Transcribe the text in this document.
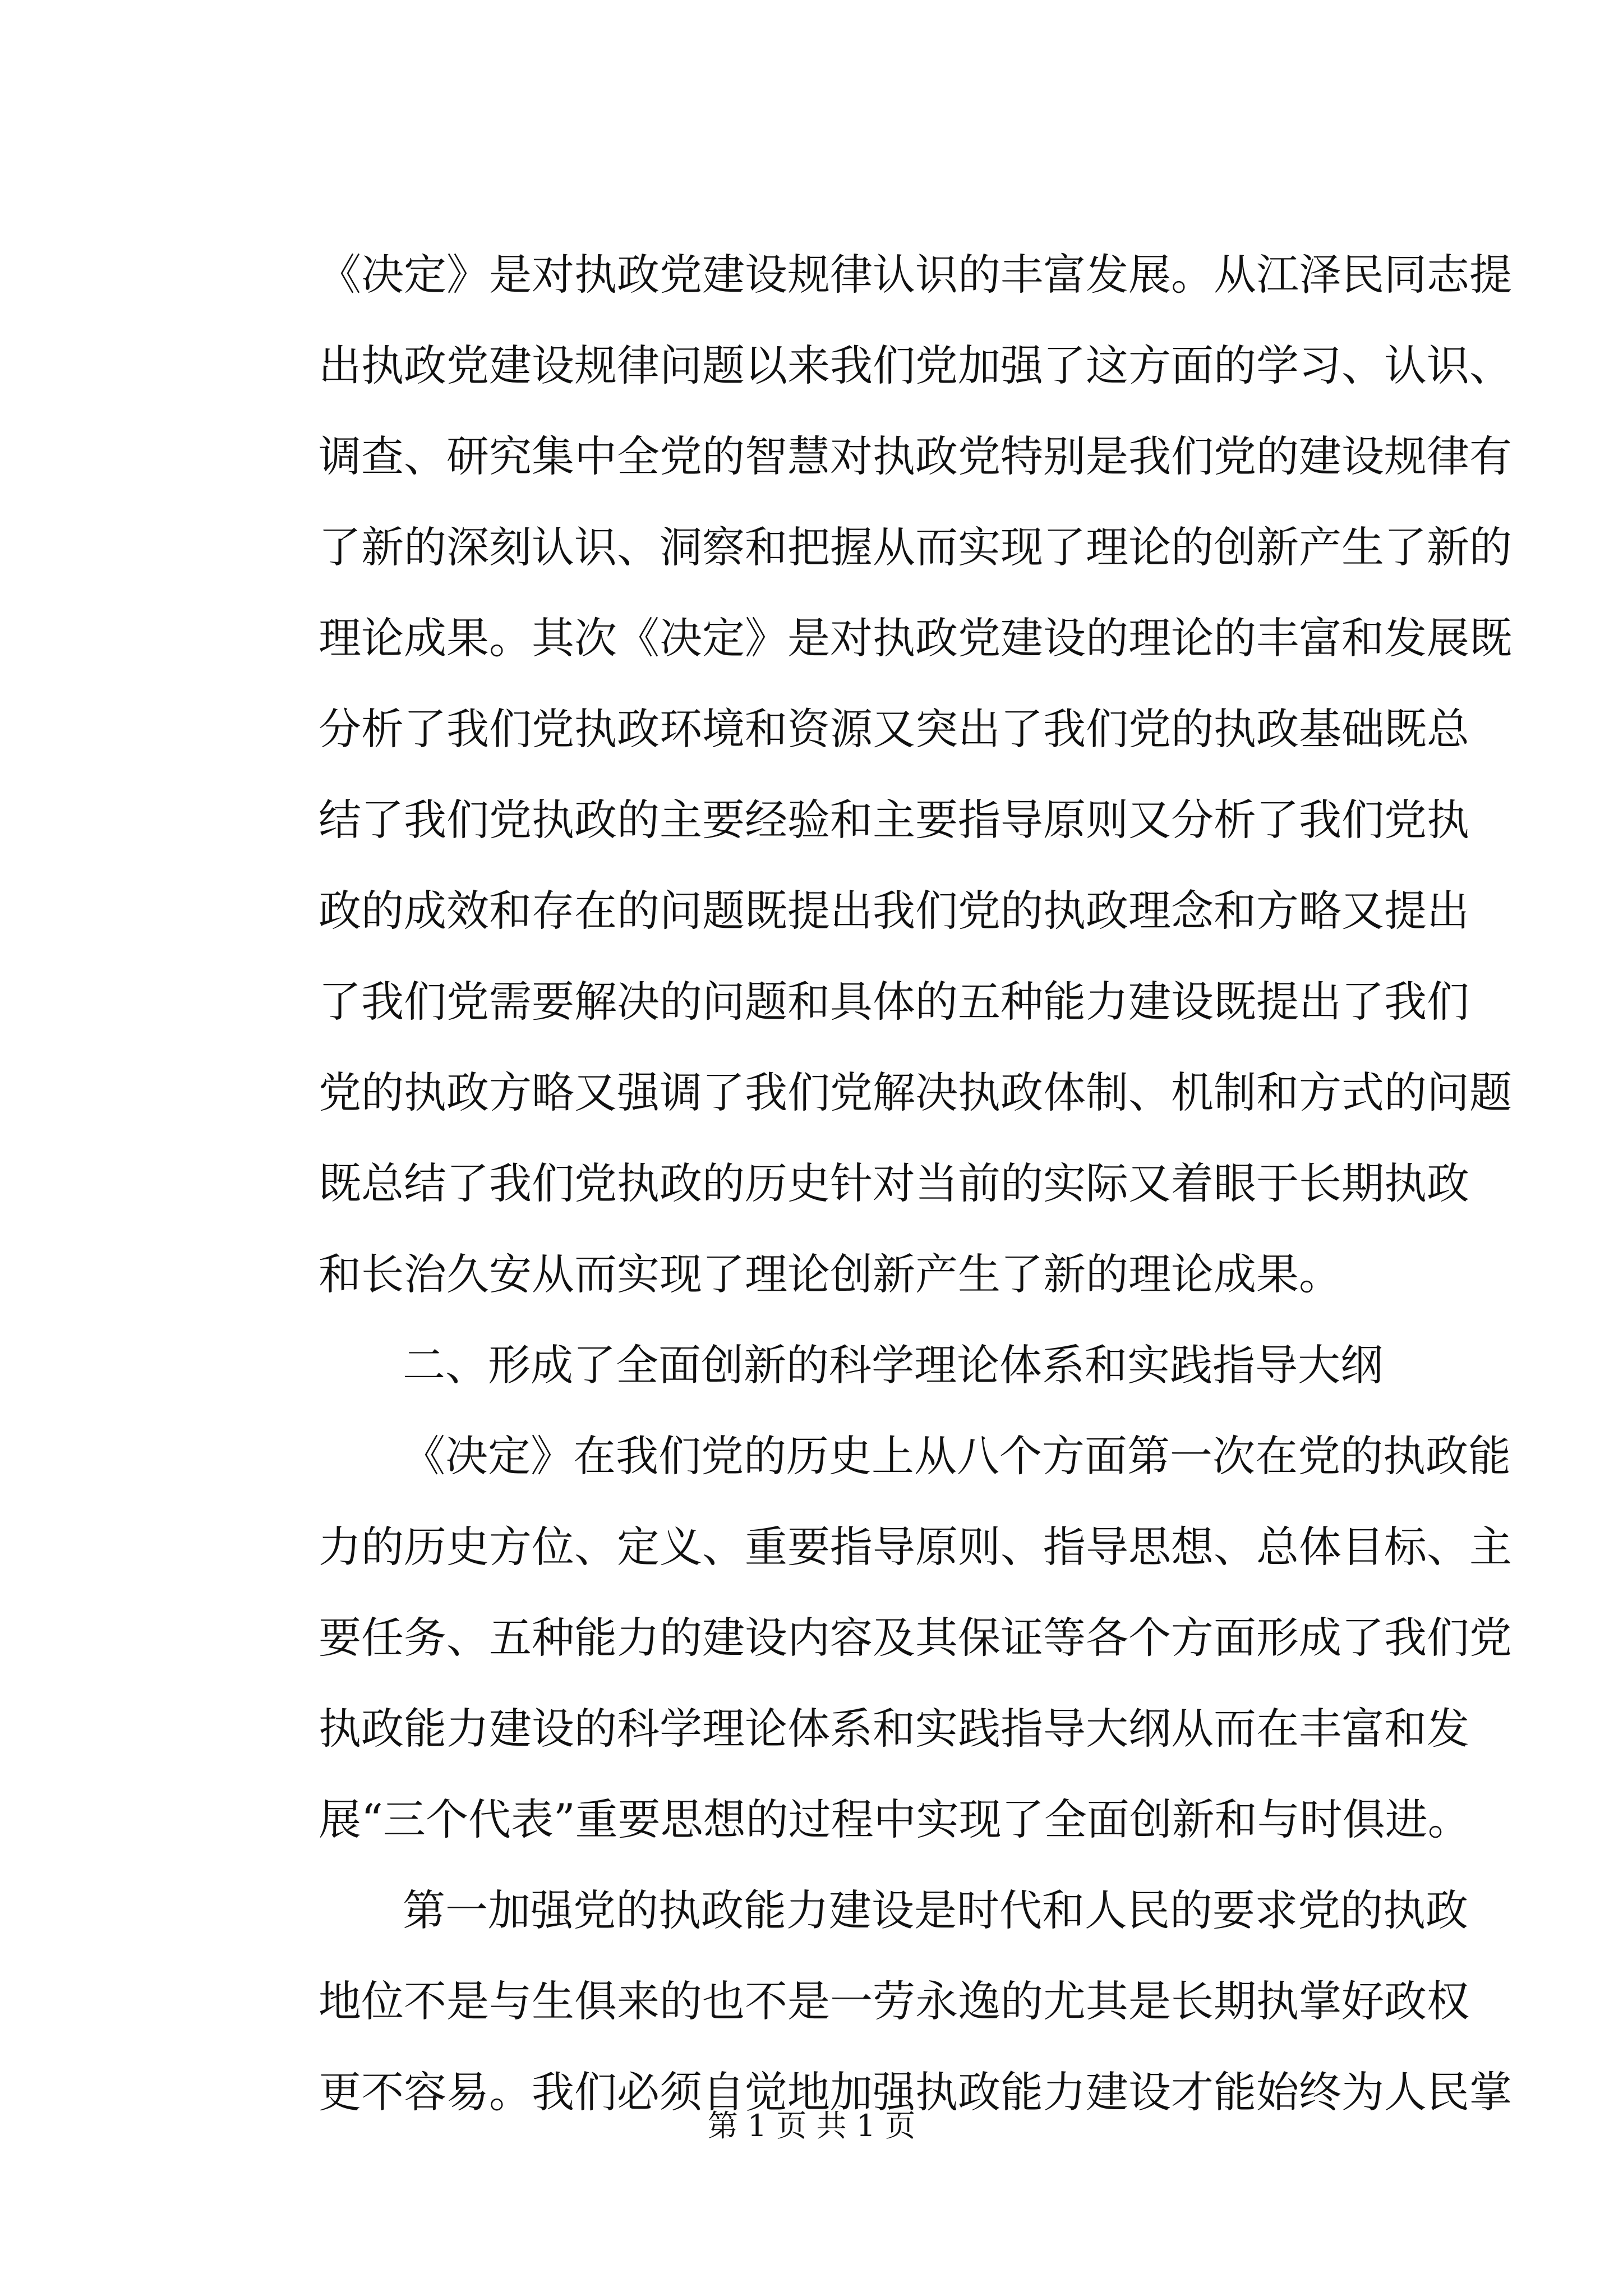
《决定》是对执政党建设规律认识的丰富发展。从江泽民同志提
出执政党建设规律问题以来我们党加强了这方面的学习、认识、
调查、研究集中全党的智慧对执政党特别是我们党的建设规律有
了新的深刻认识、洞察和把握从而实现了理论的创新产生了新的
理论成果。其次《决定》是对执政党建设的理论的丰富和发展既
分析了我们党执政环境和资源又突出了我们党的执政基础既总
结了我们党执政的主要经验和主要指导原则又分析了我们党执
政的成效和存在的问题既提出我们党的执政理念和方略又提出
了我们党需要解决的问题和具体的五种能力建设既提出了我们
党的执政方略又强调了我们党解决执政体制、机制和方式的问题
既总结了我们党执政的历史针对当前的实际又着眼于长期执政
和长治久安从而实现了理论创新产生了新的理论成果。
二、形成了全面创新的科学理论体系和实践指导大纲
《决定》在我们党的历史上从八个方面第一次在党的执政能
力的历史方位、定义、重要指导原则、指导思想、总体目标、主
要任务、五种能力的建设内容及其保证等各个方面形成了我们党
执政能力建设的科学理论体系和实践指导大纲从而在丰富和发
展“三个代表”重要思想的过程中实现了全面创新和与时俱进。
第一加强党的执政能力建设是时代和人民的要求党的执政
地位不是与生俱来的也不是一劳永逸的尤其是长期执掌好政权
更不容易。我们必须自觉地加强执政能力建设才能始终为人民掌
第 1 页 共 1 页
